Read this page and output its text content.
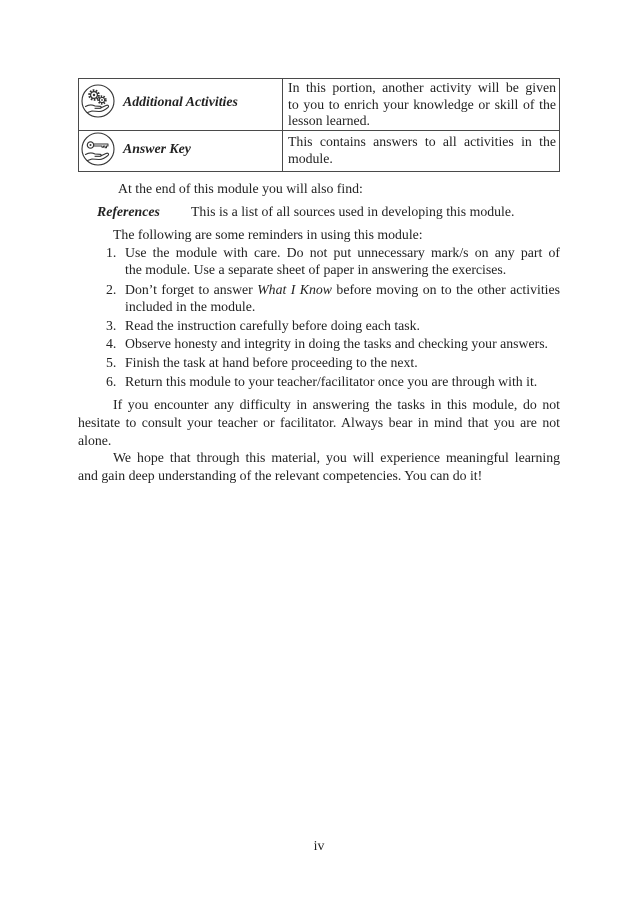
Additional Activities
In this portion, another activity will be given
to you to enrich your knowledge or skill of the
lesson learned.
Answer Key	This contains answers to all activities in the
module.
At the end of this module you will also find:
References This is a list of all sources used in developing this module.
The following are some reminders in using this module:
1. Use the module with care. Do not put unnecessary mark/s on any part of
the module. Use a separate sheet of paper in answering the exercises.
2. Don’t forget to answer What I Know before moving on to the other activities
included in the module.
3. Read the instruction carefully before doing each task.
4. Observe honesty and integrity in doing the tasks and checking your answers.
5. Finish the task at hand before proceeding to the next.
6. Return this module to your teacher/facilitator once you are through with it.
If you encounter any difficulty in answering the tasks in this module, do not
hesitate to consult your teacher or facilitator. Always bear in mind that you are not
alone.
We hope that through this material, you will experience meaningful learning
and gain deep understanding of the relevant competencies. You can do it!
iv
